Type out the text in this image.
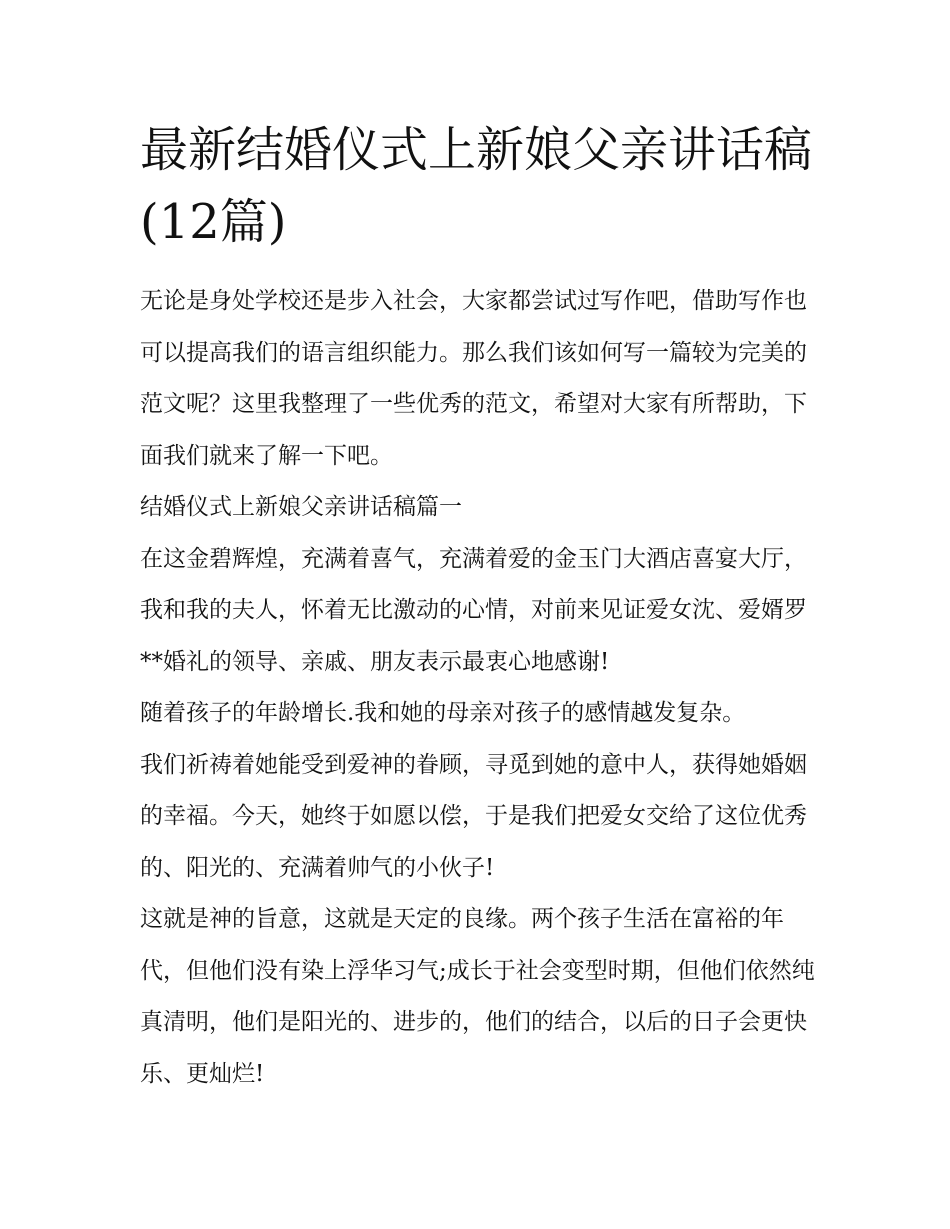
最新结婚仪式上新娘父亲讲话稿(12篇)

无论是身处学校还是步入社会，大家都尝试过写作吧，借助写作也可以提高我们的语言组织能力。那么我们该如何写一篇较为完美的范文呢？这里我整理了一些优秀的范文，希望对大家有所帮助，下面我们就来了解一下吧。

结婚仪式上新娘父亲讲话稿篇一

在这金碧辉煌，充满着喜气，充满着爱的金玉门大酒店喜宴大厅，我和我的夫人，怀着无比激动的心情，对前来见证爱女沈、爱婿罗**婚礼的领导、亲戚、朋友表示最衷心地感谢!

随着孩子的年龄增长.我和她的母亲对孩子的感情越发复杂。

我们祈祷着她能受到爱神的眷顾，寻觅到她的意中人，获得她婚姻的幸福。今天，她终于如愿以偿，于是我们把爱女交给了这位优秀的、阳光的、充满着帅气的小伙子!

这就是神的旨意，这就是天定的良缘。两个孩子生活在富裕的年代，但他们没有染上浮华习气;成长于社会变型时期，但他们依然纯真清明，他们是阳光的、进步的，他们的结合，以后的日子会更快乐、更灿烂!
